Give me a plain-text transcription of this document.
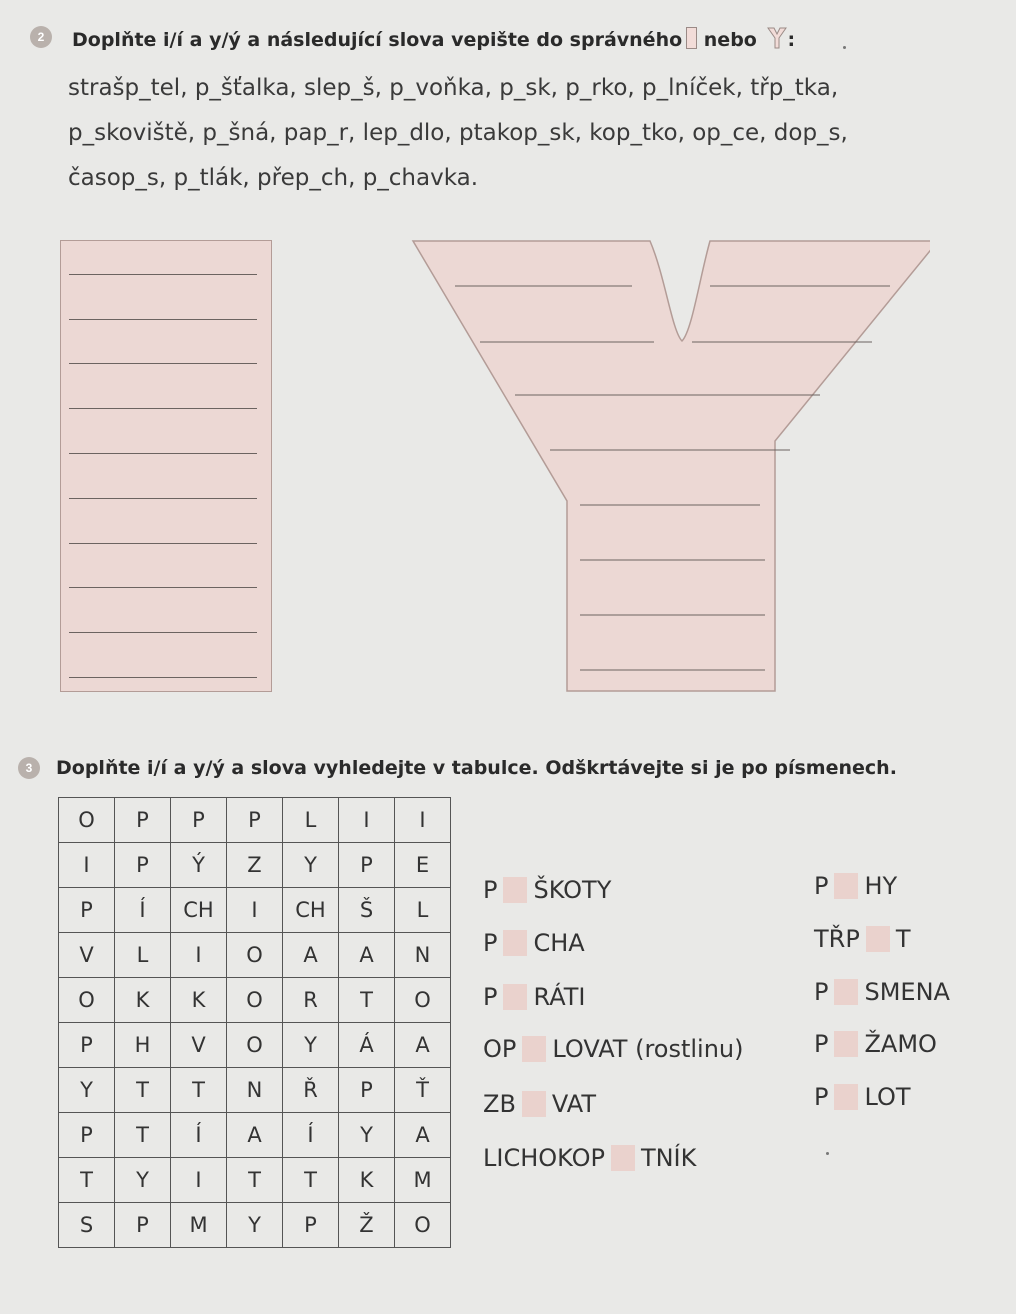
2	Doplňte i/í a y/ý a následující slova vepište do správného nebo :

strašp_tel, p_šťalka, slep_š, p_voňka, p_sk, p_rko, p_lníček, třp_tka,

p_skoviště, p_šná, pap_r, lep_dlo, ptakop_sk, kop_tko, op_ce, dop_s,

časop_s, p_tlák, přep_ch, p_chavka.

3	Doplňte i/í a y/ý a slova vyhledejte v tabulce. Odškrtávejte si je po písmenech.
O	P	P	P	L	I	I
I	P	Ý	Z	Y	P	E
P	Í	CH	I	CH	Š	L
V	L	I	O	A	A	N
O	K	K	O	R	T	O
P	H	V	O	Y	Á	A
Y	T	T	N	Ř	P	Ť
P	T	Í	A	Í	Y	A
T	Y	I	T	T	K	M
S	P	M	Y	P	Ž	O
P ŠKOTY
P CHA
P RÁTI
OP LOVAT (rostlinu)
ZB VAT
LICHOKOP TNÍK
P HY
TŘP T
P SMENA
P ŽAMO
P LOT
